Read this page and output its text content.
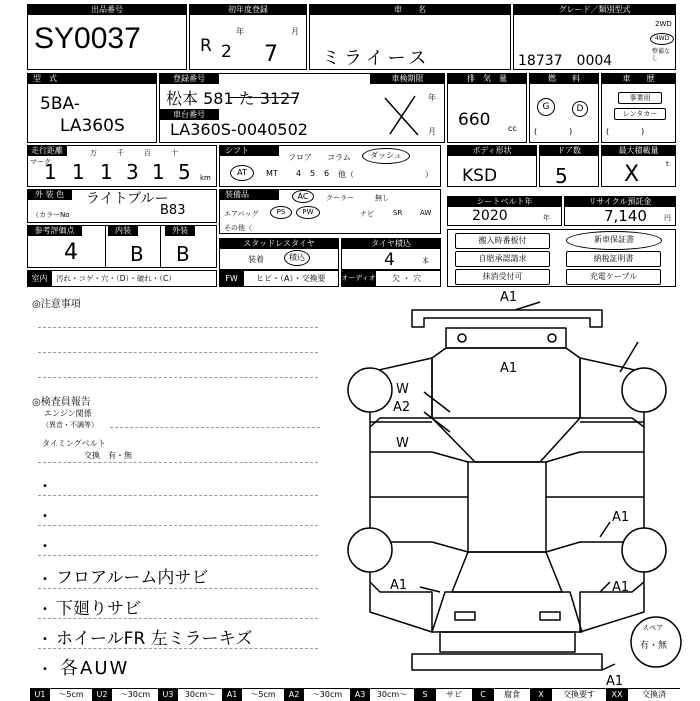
出品番号
SY0037
初年度登録
R 2
年
7
月
車　　名
ミライース
グレード／類別型式
18737　0004
2WD
4WD
整備なし
型　式
5BA-
LA360S
登録番号	車検期限
松本 581 た 3127
車台番号
LA360S-0040502
年
月
排　気　量
660 cc
燃　　料
G	D
(　　　　)
車　　歴
事業用
レンタカー
(　　　　)
走行距離
マーク
万	千	百	十
1 1 1 3 1 5 km
シフト
フロア コラム	ダッシュ
AT	MT 4 5 6 他（	）
ボディ形状
KSD
ドア数
5
最大積載量
X	t
外 装 色	ライトブルー
（カラーNo	B83
装備品	AC	クーラー	無し
エアバッグ	PS	PW	ナビ	SR	AW
その他（
シートベルト年
2020	年
リサイクル預託金
7,140 円
参考評価点	内装	外装
4	B B	スタッドレスタイヤ
装着	積込
タイヤ積込
4	本
搬入時番板付
自賠承認請求
抹消受付可
新車保証書
納税証明書
充電ケーブル
室内	汚れ・コゲ・穴・（D）・破れ・（C）	FW	ヒビ・（A）・交換要 オーディオ 欠 ・ 穴
◎注意事項
◎検査員報告
エンジン関係
（異音・不調等）
タイミングベルト
交換　有・無
•
•
•
• フロアルーム内サビ
• 下廻りサビ
• ホイールFR 左ミラーキズ
• 各AUW
A1
A1
W
A2
W
A1
A1
A1
A1
スペア
有・無
U1	～5cm	U2	～30cm	U3	30cm～	A1	～5cm	A2	～30cm	A3	30cm～	S	サビ	C	腐食	X	交換要す	XX	交換済
